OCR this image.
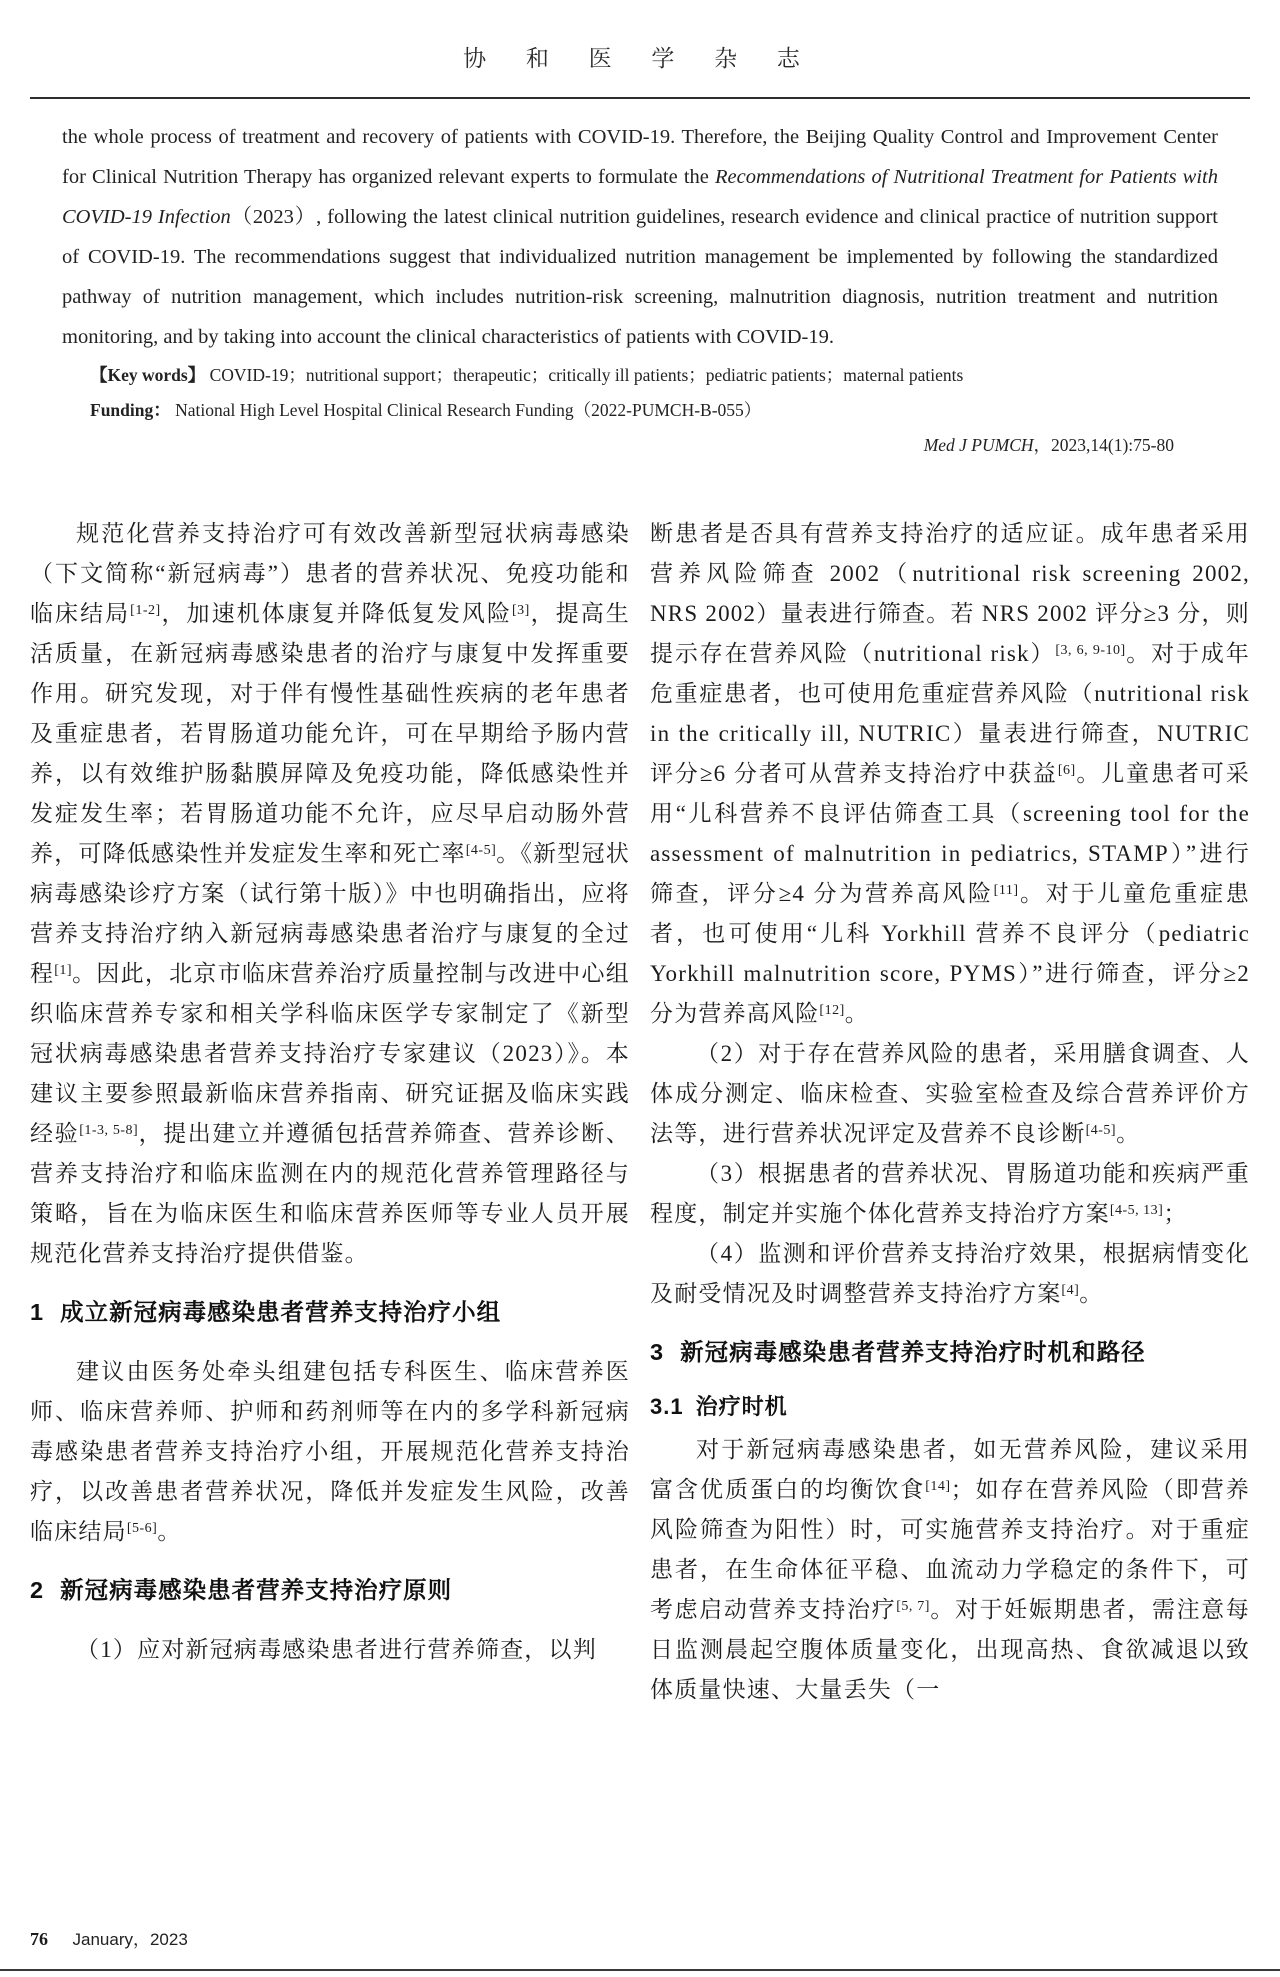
协 和 医 学 杂 志

the whole process of treatment and recovery of patients with COVID-19. Therefore, the Beijing Quality Control and Improvement Center for Clinical Nutrition Therapy has organized relevant experts to formulate the Recommendations of Nutritional Treatment for Patients with COVID-19 Infection（2023）, following the latest clinical nutrition guidelines, research evidence and clinical practice of nutrition support of COVID-19. The recommendations suggest that individualized nutrition management be implemented by following the standardized pathway of nutrition management, which includes nutrition-risk screening, malnutrition diagnosis, nutrition treatment and nutrition monitoring, and by taking into account the clinical characteristics of patients with COVID-19.

【Key words】 COVID-19；nutritional support；therapeutic；critically ill patients；pediatric patients；maternal patients
Funding： National High Level Hospital Clinical Research Funding（2022-PUMCH-B-055）
Med J PUMCH，2023,14(1):75-80

规范化营养支持治疗可有效改善新型冠状病毒感染（下文简称“新冠病毒”）患者的营养状况、免疫功能和临床结局[1-2]，加速机体康复并降低复发风险[3]，提高生活质量，在新冠病毒感染患者的治疗与康复中发挥重要作用。研究发现，对于伴有慢性基础性疾病的老年患者及重症患者，若胃肠道功能允许，可在早期给予肠内营养，以有效维护肠黏膜屏障及免疫功能，降低感染性并发症发生率；若胃肠道功能不允许，应尽早启动肠外营养，可降低感染性并发症发生率和死亡率[4-5]。《新型冠状病毒感染诊疗方案（试行第十版）》中也明确指出，应将营养支持治疗纳入新冠病毒感染患者治疗与康复的全过程[1]。因此，北京市临床营养治疗质量控制与改进中心组织临床营养专家和相关学科临床医学专家制定了《新型冠状病毒感染患者营养支持治疗专家建议（2023）》。本建议主要参照最新临床营养指南、研究证据及临床实践经验[1-3, 5-8]，提出建立并遵循包括营养筛查、营养诊断、营养支持治疗和临床监测在内的规范化营养管理路径与策略，旨在为临床医生和临床营养医师等专业人员开展规范化营养支持治疗提供借鉴。

1 成立新冠病毒感染患者营养支持治疗小组

建议由医务处牵头组建包括专科医生、临床营养医师、临床营养师、护师和药剂师等在内的多学科新冠病毒感染患者营养支持治疗小组，开展规范化营养支持治疗，以改善患者营养状况，降低并发症发生风险，改善临床结局[5-6]。

2 新冠病毒感染患者营养支持治疗原则

（1）应对新冠病毒感染患者进行营养筛查，以判

断患者是否具有营养支持治疗的适应证。成年患者采用营养风险筛查 2002（nutritional risk screening 2002, NRS 2002）量表进行筛查。若 NRS 2002 评分≥3 分，则提示存在营养风险（nutritional risk）[3, 6, 9-10]。对于成年危重症患者，也可使用危重症营养风险（nutritional risk in the critically ill, NUTRIC）量表进行筛查，NUTRIC 评分≥6 分者可从营养支持治疗中获益[6]。儿童患者可采用“儿科营养不良评估筛查工具（screening tool for the assessment of malnutrition in pediatrics, STAMP）”进行筛查，评分≥4 分为营养高风险[11]。对于儿童危重症患者，也可使用“儿科 Yorkhill 营养不良评分（pediatric Yorkhill malnutrition score, PYMS）”进行筛查，评分≥2 分为营养高风险[12]。

（2）对于存在营养风险的患者，采用膳食调查、人体成分测定、临床检查、实验室检查及综合营养评价方法等，进行营养状况评定及营养不良诊断[4-5]。

（3）根据患者的营养状况、胃肠道功能和疾病严重程度，制定并实施个体化营养支持治疗方案[4-5, 13]；

（4）监测和评价营养支持治疗效果，根据病情变化及耐受情况及时调整营养支持治疗方案[4]。

3 新冠病毒感染患者营养支持治疗时机和路径
3.1 治疗时机

对于新冠病毒感染患者，如无营养风险，建议采用富含优质蛋白的均衡饮食[14]；如存在营养风险（即营养风险筛查为阳性）时，可实施营养支持治疗。对于重症患者，在生命体征平稳、血流动力学稳定的条件下，可考虑启动营养支持治疗[5, 7]。对于妊娠期患者，需注意每日监测晨起空腹体质量变化，出现高热、食欲减退以致体质量快速、大量丢失（一

76 January，2023
